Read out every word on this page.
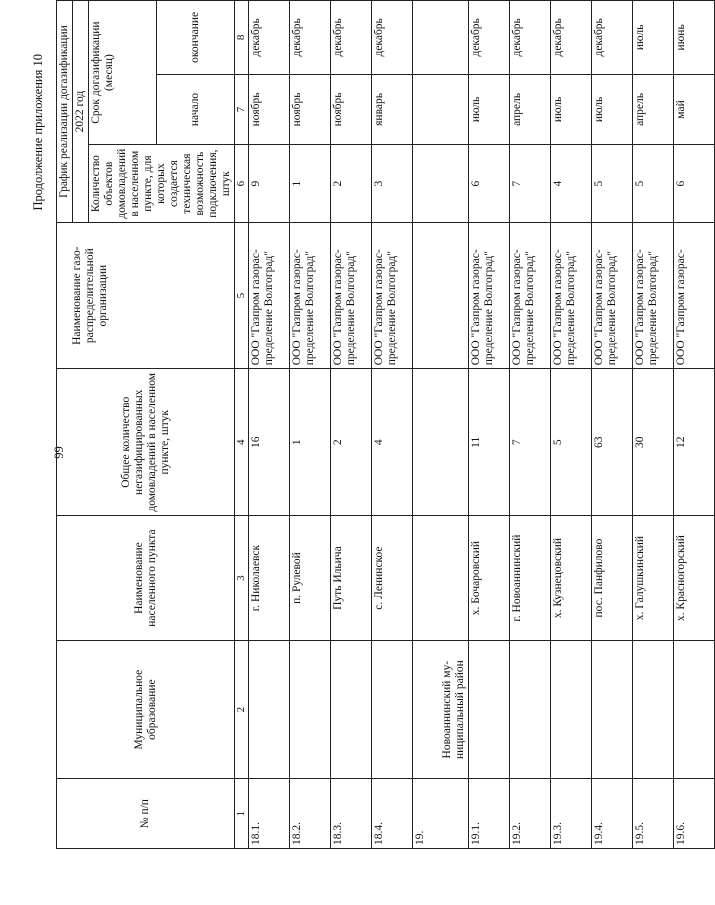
99
Продолжение приложения 10
№ п/п	Муниципальное образование	Наименование населенного пункта	Общее количество негазифицированных домовладений в населенном пункте, штук	Наименование газо-распределительной организации	График реализации догазификации		
					2022 год		
					Количество объектов домовладений в населенном пункте, для которых создается техническая возможность подключения, штук	Срок догазификации (месяц)	
						начало	окончание
1	2	3	4	5	6	7	8
18.1.		г. Николаевск	16	ООО "Газпром газорас-пределение Волгоград"	9	ноябрь	декабрь
18.2.		п. Рулевой	1	ООО "Газпром газорас-пределение Волгоград"	1	ноябрь	декабрь
18.3.		Путь Ильича	2	ООО "Газпром газорас-пределение Волгоград"	2	ноябрь	декабрь
18.4.		с. Ленинское	4	ООО "Газпром газорас-пределение Волгоград"	3	январь	декабрь
19.	Новоаннинский му-ниципальный район						
19.1.		х. Бочаровский	11	ООО "Газпром газорас-пределение Волгоград"	6	июль	декабрь
19.2.		г. Новоаннинский	7	ООО "Газпром газорас-пределение Волгоград"	7	апрель	декабрь
19.3.		х. Кузнецовский	5	ООО "Газпром газорас-пределение Волгоград"	4	июль	декабрь
19.4.		пос. Панфилово	63	ООО "Газпром газорас-пределение Волгоград"	5	июль	декабрь
19.5.		х. Галушкинский	30	ООО "Газпром газорас-пределение Волгоград"	5	апрель	июль
19.6.		х. Красногорский	12	ООО "Газпром газорас-	6	май	июнь
